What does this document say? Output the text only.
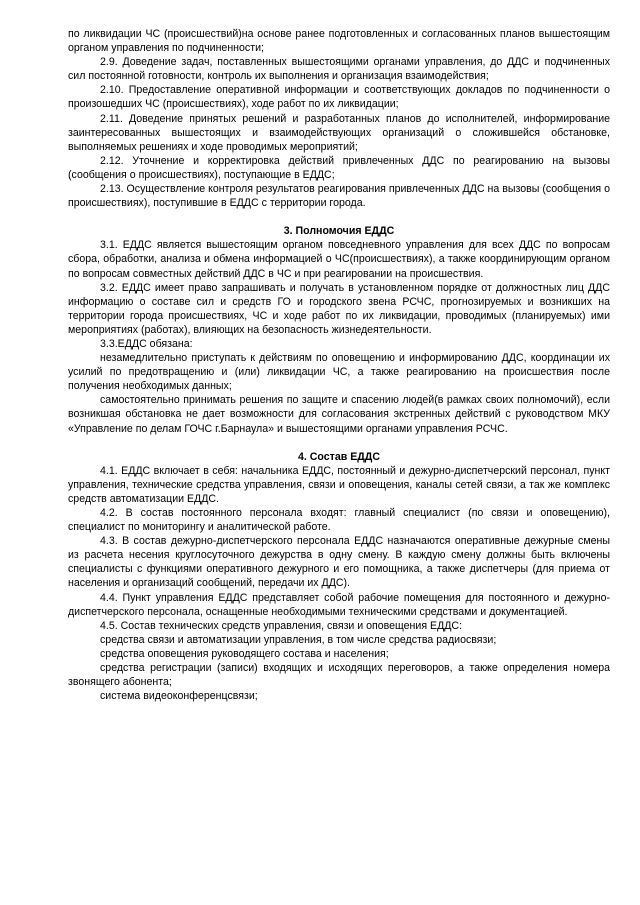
по ликвидации ЧС (происшествий)на основе ранее подготовленных и согласованных планов вышестоящим органом управления по подчиненности;

2.9. Доведение задач, поставленных вышестоящими органами управления, до ДДС и подчиненных сил постоянной готовности, контроль их выполнения и организация взаимодействия;

2.10. Предоставление оперативной информации и соответствующих докладов по подчиненности о произошедших ЧС (происшествиях), ходе работ по их ликвидации;

2.11. Доведение принятых решений и разработанных планов до исполнителей, информирование заинтересованных вышестоящих и взаимодействующих организаций о сложившейся обстановке, выполняемых решениях и ходе проводимых мероприятий;

2.12. Уточнение и корректировка действий привлеченных ДДС по реагированию на вызовы (сообщения о происшествиях), поступающие в ЕДДС;

2.13. Осуществление контроля результатов реагирования привлеченных ДДС на вызовы (сообщения о происшествиях), поступившие в ЕДДС с территории города.

3. Полномочия ЕДДС

3.1. ЕДДС является вышестоящим органом повседневного управления для всех ДДС по вопросам сбора, обработки, анализа и обмена информацией о ЧС(происшествиях), а также координирующим органом по вопросам совместных действий ДДС в ЧС и при реагировании на происшествия.

3.2. ЕДДС имеет право запрашивать и получать в установленном порядке от должностных лиц ДДС информацию о составе сил и средств ГО и городского звена РСЧС, прогнозируемых и возникших на территории города происшествиях, ЧС и ходе работ по их ликвидации, проводимых (планируемых) ими мероприятиях (работах), влияющих на безопасность жизнедеятельности.

3.3.ЕДДС обязана:

незамедлительно приступать к действиям по оповещению и информированию ДДС, координации их усилий по предотвращению и (или) ликвидации ЧС, а также реагированию на происшествия после получения необходимых данных;

самостоятельно принимать решения по защите и спасению людей(в рамках своих полномочий), если возникшая обстановка не дает возможности для согласования экстренных действий с руководством МКУ «Управление по делам ГОЧС г.Барнаула» и вышестоящими органами управления РСЧС.

4. Состав ЕДДС

4.1. ЕДДС включает в себя: начальника ЕДДС, постоянный и дежурно-диспетчерский персонал, пункт управления, технические средства управления, связи и оповещения, каналы сетей связи, а так же комплекс средств автоматизации ЕДДС.

4.2. В состав постоянного персонала входят: главный специалист (по связи и оповещению), специалист по мониторингу и аналитической работе.

4.3. В состав дежурно-диспетчерского персонала ЕДДС назначаются оперативные дежурные смены из расчета несения круглосуточного дежурства в одну смену. В каждую смену должны быть включены специалисты с функциями оперативного дежурного и его помощника, а также диспетчеры (для приема от населения и организаций сообщений, передачи их ДДС).

4.4. Пункт управления ЕДДС представляет собой рабочие помещения для постоянного и дежурно-диспетчерского персонала, оснащенные необходимыми техническими средствами и документацией.

4.5. Состав технических средств управления, связи и оповещения ЕДДС:

средства связи и автоматизации управления, в том числе средства радиосвязи;

средства оповещения руководящего состава и населения;

средства регистрации (записи) входящих и исходящих переговоров, а также определения номера звонящего абонента;

система видеоконференцсвязи;
